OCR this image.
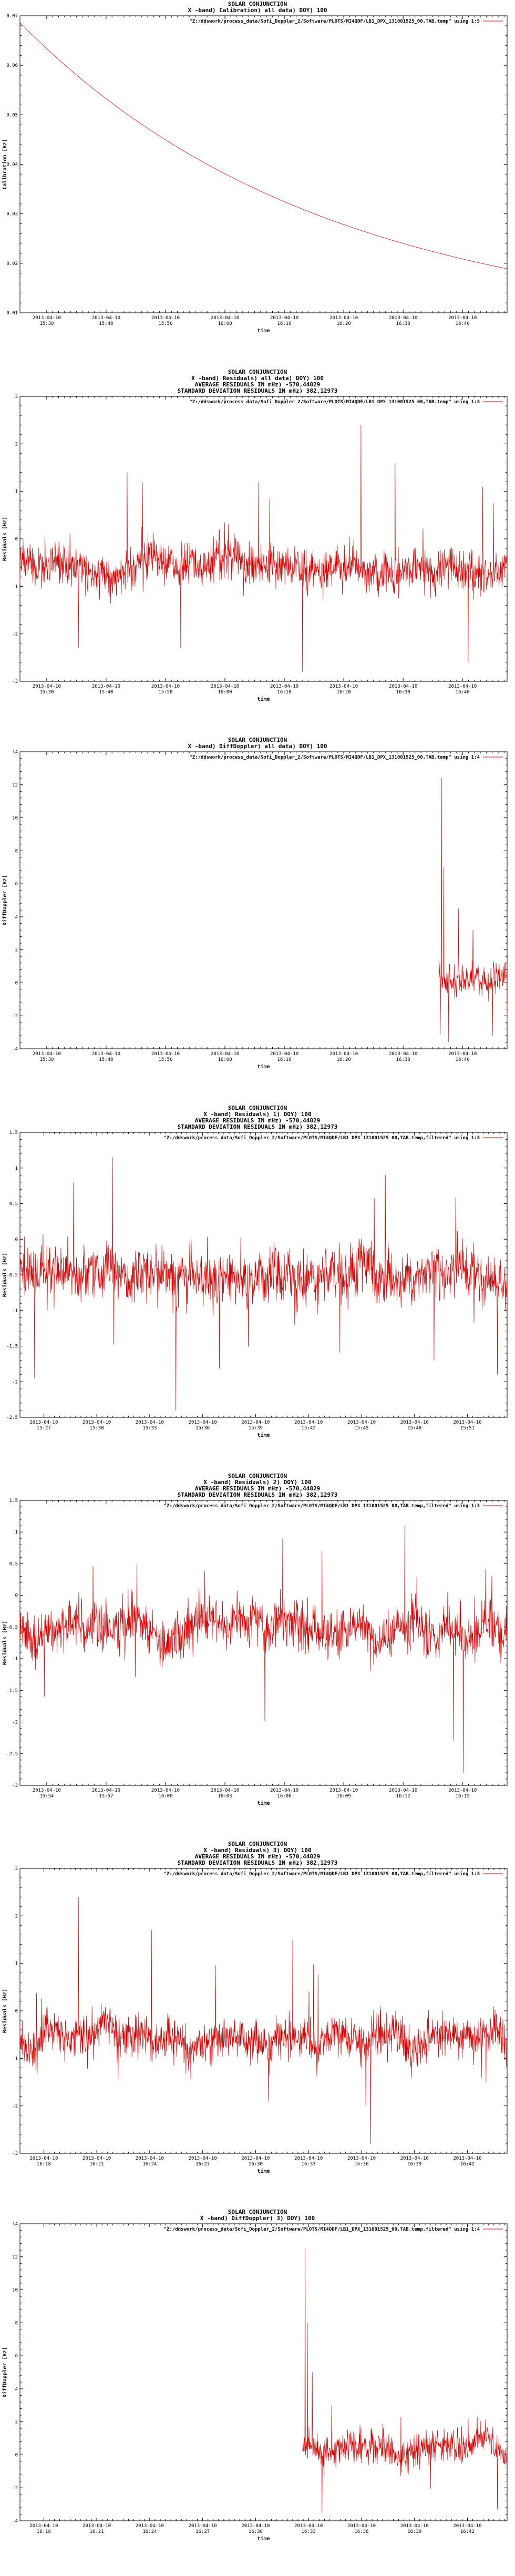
SOLAR CONJUNCTION
X -band) Calibration) all data) DOY) 100
0.07
0.06
0.05
0.04
0.03
0.02
0.01
2013-04-10
15:30
2013-04-10
15:40
2013-04-10
15:50
2013-04-10
16:00
2013-04-10
16:10
2013-04-10
16:20
2013-04-10
16:30
2013-04-10
16:40
time
Calibration [Hz]
"Z:/ddswork/process_data/Sofi_Doppler_2/Software/PLOTS/MI4QDF/LB1_DPX_131001525_00,TAB.temp" using 1:5
SOLAR CONJUNCTION
X -band) Residuals) all data) DOY) 100
AVERAGE RESIDUALS IN mHz) -570,44829
STANDARD DEVIATION RESIDUALS IN mHz) 382,12973
3
2
1
0
-1
-2
-3
2013-04-10
15:30
2013-04-10
15:40
2013-04-10
15:50
2013-04-10
16:00
2013-04-10
16:10
2013-04-10
16:20
2013-04-10
16:30
2013-04-10
16:40
time
Residuals [Hz]
"Z:/ddswork/process_data/Sofi_Doppler_2/Software/PLOTS/MI4QDF/LB1_DPX_131001525_00,TAB.temp" using 1:3
SOLAR CONJUNCTION
X -band) DiffDoppler) all data) DOY) 100
14
12
10
8
6
4
2
0
-2
-4
2013-04-10
15:30
2013-04-10
15:40
2013-04-10
15:50
2013-04-10
16:00
2013-04-10
16:10
2013-04-10
16:20
2013-04-10
16:30
2013-04-10
16:40
time
DiffDoppler [Hz]
"Z:/ddswork/process_data/Sofi_Doppler_2/Software/PLOTS/MI4QDF/LB1_DPX_131001525_00,TAB.temp" using 1:4
SOLAR CONJUNCTION
X -band) Residuals) 1) DOY) 100
AVERAGE RESIDUALS IN mHz) -570,44829
STANDARD DEVIATION RESIDUALS IN mHz) 382,12973
1.5
1
0.5
0
-0.5
-1
-1.5
-2
-2.5
2013-04-10
15:27
2013-04-10
15:30
2013-04-10
15:33
2013-04-10
15:36
2013-04-10
15:39
2013-04-10
15:42
2013-04-10
15:45
2013-04-10
15:48
2013-04-10
15:51
time
Residuals [Hz]
"Z:/ddswork/process_data/Sofi_Doppler_2/Software/PLOTS/MI4QDF/LB1_DPX_131001525_00,TAB.temp,filtered" using 1:3
SOLAR CONJUNCTION
X -band) Residuals) 2) DOY) 100
AVERAGE RESIDUALS IN mHz) -570,44829
STANDARD DEVIATION RESIDUALS IN mHz) 382,12973
1.5
1
0.5
0
-0.5
-1
-1.5
-2
-2.5
-3
2013-04-10
15:54
2013-04-10
15:57
2013-04-10
16:00
2013-04-10
16:03
2013-04-10
16:06
2013-04-10
16:09
2013-04-10
16:12
2013-04-10
16:15
time
Residuals [Hz]
"Z:/ddswork/process_data/Sofi_Doppler_2/Software/PLOTS/MI4QDF/LB1_DPX_131001525_00,TAB.temp,filtered" using 1:3
SOLAR CONJUNCTION
X -band) Residuals) 3) DOY) 100
AVERAGE RESIDUALS IN mHz) -570,44829
STANDARD DEVIATION RESIDUALS IN mHz) 382,12973
3
2
1
0
-1
-2
-3
2013-04-10
16:18
2013-04-10
16:21
2013-04-10
16:24
2013-04-10
16:27
2013-04-10
16:30
2013-04-10
16:33
2013-04-10
16:36
2013-04-10
16:39
2013-04-10
16:42
time
Residuals [Hz]
"Z:/ddswork/process_data/Sofi_Doppler_2/Software/PLOTS/MI4QDF/LB1_DPX_131001525_00,TAB.temp,filtered" using 1:3
SOLAR CONJUNCTION
X -band) DiffDoppler) 3) DOY) 100
14
12
10
8
6
4
2
0
-2
-4
2013-04-10
16:18
2013-04-10
16:21
2013-04-10
16:24
2013-04-10
16:27
2013-04-10
16:30
2013-04-10
16:33
2013-04-10
16:36
2013-04-10
16:39
2013-04-10
16:42
time
DiffDoppler [Hz]
"Z:/ddswork/process_data/Sofi_Doppler_2/Software/PLOTS/MI4QDF/LB1_DPX_131001525_00,TAB.temp,filtered" using 1:4
